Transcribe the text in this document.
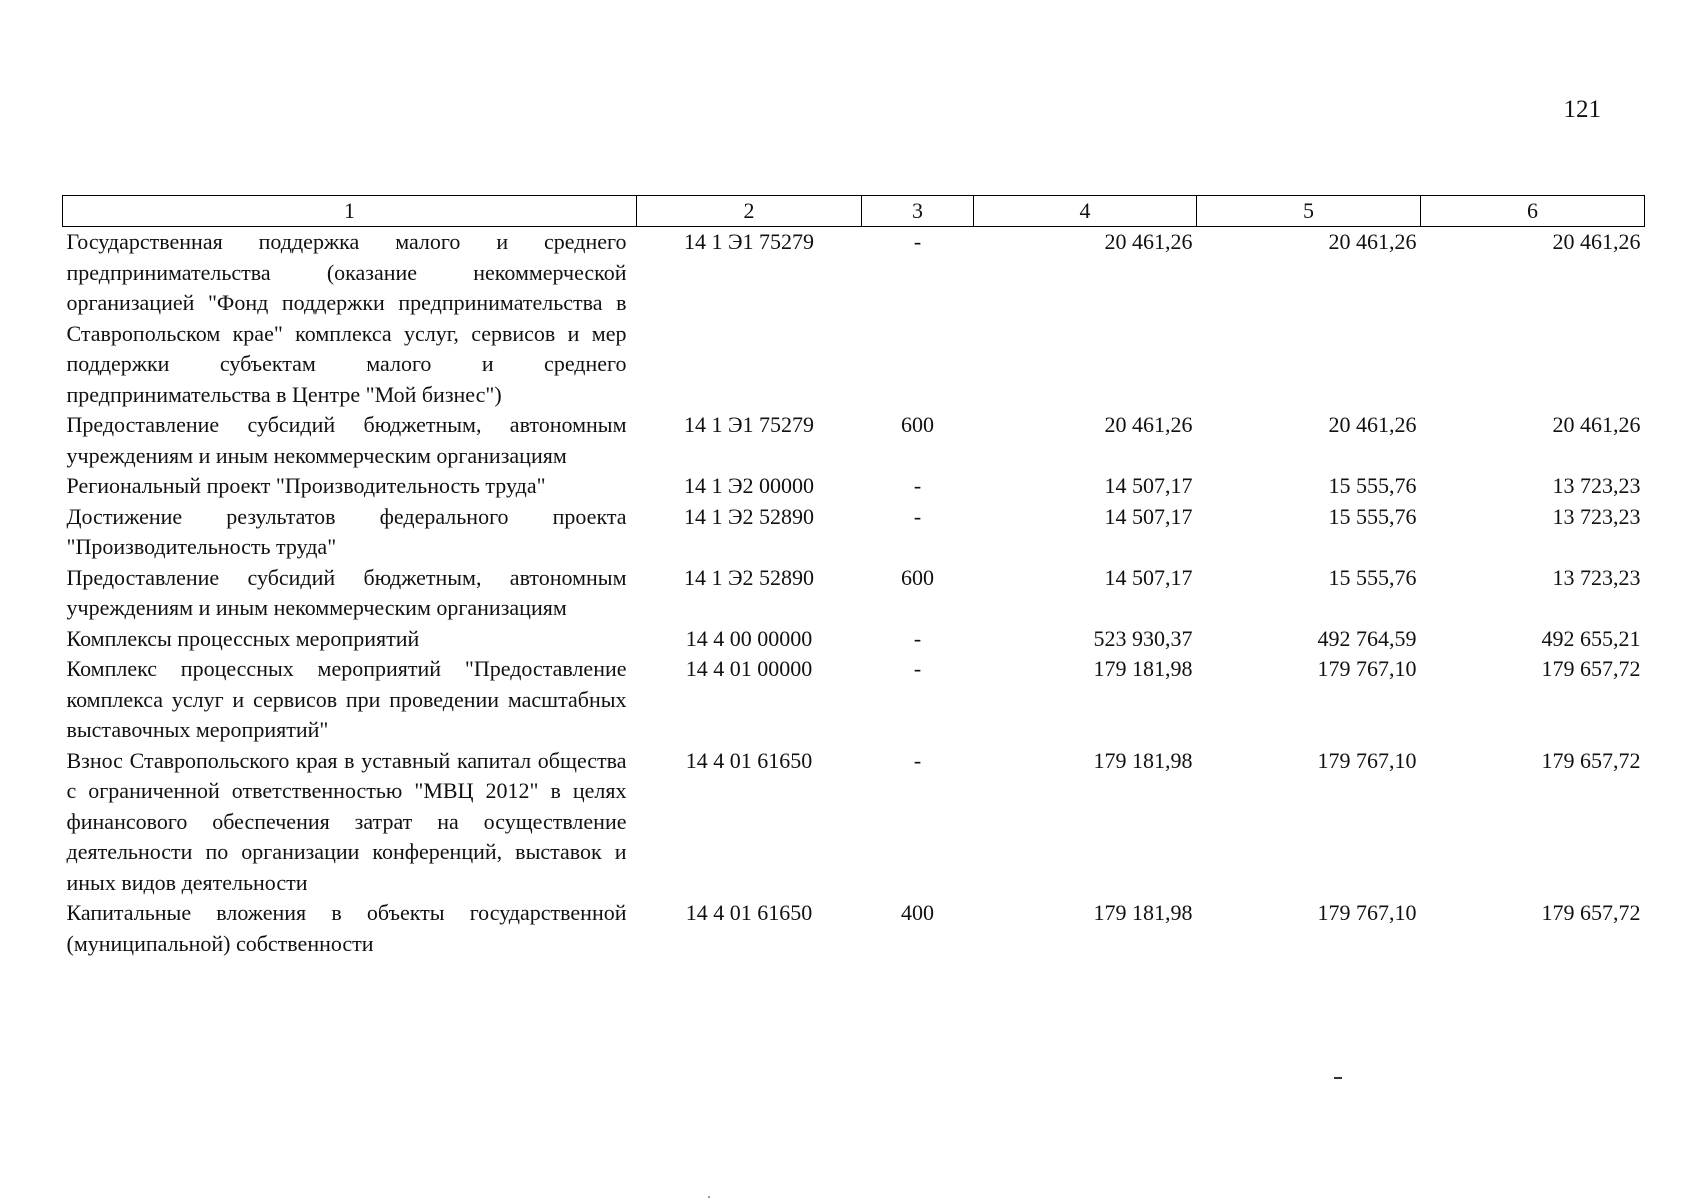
121
1	2	3	4	5	6
Государственная поддержка малого и среднего предпринимательства (оказание некоммерческой организацией "Фонд поддержки предпринимательства в Ставропольском крае" комплекса услуг, сервисов и мер поддержки субъектам малого и среднего предпринимательства в Центре "Мой бизнес")	14 1 Э1 75279	-	20 461,26	20 461,26	20 461,26
Предоставление субсидий бюджетным, автономным учреждениям и иным некоммерческим организациям	14 1 Э1 75279	600	20 461,26	20 461,26	20 461,26
Региональный проект "Производительность труда"	14 1 Э2 00000	-	14 507,17	15 555,76	13 723,23
Достижение результатов федерального проекта "Производительность труда"	14 1 Э2 52890	-	14 507,17	15 555,76	13 723,23
Предоставление субсидий бюджетным, автономным учреждениям и иным некоммерческим организациям	14 1 Э2 52890	600	14 507,17	15 555,76	13 723,23
Комплексы процессных мероприятий	14 4 00 00000	-	523 930,37	492 764,59	492 655,21
Комплекс процессных мероприятий "Предоставление комплекса услуг и сервисов при проведении масштабных выставочных мероприятий"	14 4 01 00000	-	179 181,98	179 767,10	179 657,72
Взнос Ставропольского края в уставный капитал общества с ограниченной ответственностью "МВЦ 2012" в целях финансового обеспечения затрат на осуществление деятельности по организации конференций, выставок и иных видов деятельности	14 4 01 61650	-	179 181,98	179 767,10	179 657,72
Капитальные вложения в объекты государственной (муниципальной) собственности	14 4 01 61650	400	179 181,98	179 767,10	179 657,72
